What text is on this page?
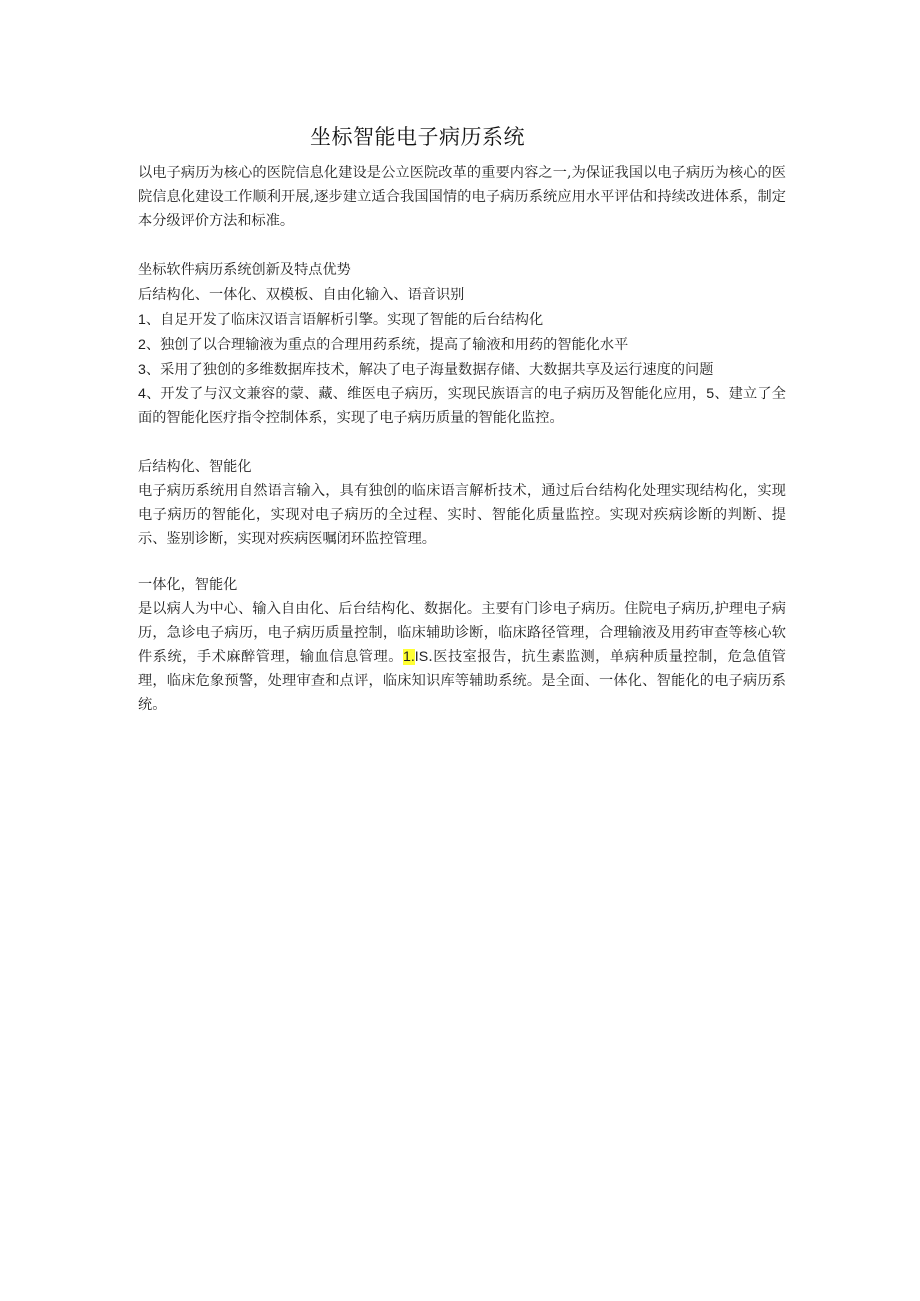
坐标智能电子病历系统

以电子病历为核心的医院信息化建设是公立医院改革的重要内容之一,为保证我国以电子病历为核心的医院信息化建设工作顺利开展,逐步建立适合我国国情的电子病历系统应用水平评估和持续改进体系，制定本分级评价方法和标准。

坐标软件病历系统创新及特点优势

后结构化、一体化、双模板、自由化输入、语音识别

1、自足开发了临床汉语言语解析引擎。实现了智能的后台结构化

2、独创了以合理输液为重点的合理用药系统，提高了输液和用药的智能化水平

3、采用了独创的多维数据库技术，解决了电子海量数据存储、大数据共享及运行速度的问题

4、开发了与汉文兼容的蒙、藏、维医电子病历，实现民族语言的电子病历及智能化应用，5、建立了全面的智能化医疗指令控制体系，实现了电子病历质量的智能化监控。

后结构化、智能化

电子病历系统用自然语言输入，具有独创的临床语言解析技术，通过后台结构化处理实现结构化，实现电子病历的智能化，实现对电子病历的全过程、实时、智能化质量监控。实现对疾病诊断的判断、提示、鉴别诊断，实现对疾病医嘱闭环监控管理。

一体化，智能化

是以病人为中心、输入自由化、后台结构化、数据化。主要有门诊电子病历。住院电子病历,护理电子病历，急诊电子病历，电子病历质量控制，临床辅助诊断，临床路径管理，合理输液及用药审查等核心软件系统，手术麻醉管理，输血信息管理。1.IS.医技室报告，抗生素监测，单病种质量控制，危急值管理，临床危象预警，处理审查和点评，临床知识库等辅助系统。是全面、一体化、智能化的电子病历系统。
